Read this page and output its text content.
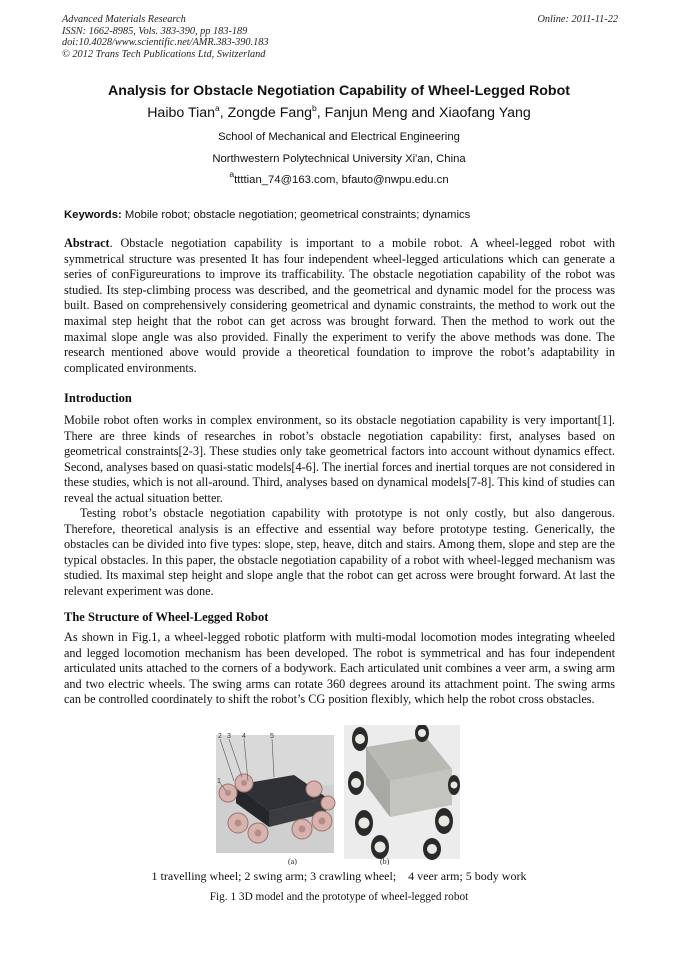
Advanced Materials Research
ISSN: 1662-8985, Vols. 383-390, pp 183-189
doi:10.4028/www.scientific.net/AMR.383-390.183
© 2012 Trans Tech Publications Ltd, Switzerland
Online: 2011-11-22
Analysis for Obstacle Negotiation Capability of Wheel-Legged Robot
Haibo Tian$^a$, Zongde Fang$^b$, Fanjun Meng and Xiaofang Yang
School of Mechanical and Electrical Engineering
Northwestern Polytechnical University Xi'an, China
$^a$ttttian_74@163.com, bfauto@nwpu.edu.cn
Keywords: Mobile robot; obstacle negotiation; geometrical constraints; dynamics

Abstract. Obstacle negotiation capability is important to a mobile robot. A wheel-legged robot with symmetrical structure was presented It has four independent wheel-legged articulations which can generate a series of conFigureurations to improve its trafficability. The obstacle negotiation capability of the robot was studied. Its step-climbing process was described, and the geometrical and dynamic model for the process was built. Based on comprehensively considering geometrical and dynamic constraints, the method to work out the maximal step height that the robot can get across was brought forward. Then the method to work out the maximal slope angle was also provided. Finally the experiment to verify the above methods was done. The research mentioned above would provide a theoretical foundation to improve the robot’s adaptability in complicated environments.

Introduction

Mobile robot often works in complex environment, so its obstacle negotiation capability is very important[1]. There are three kinds of researches in robot’s obstacle negotiation capability: first, analyses based on geometrical constraints[2-3]. These studies only take geometrical factors into account without dynamics effect. Second, analyses based on quasi-static models[4-6]. The inertial forces and inertial torques are not considered in these studies, which is not all-around. Third, analyses based on dynamical models[7-8]. This kind of studies can reveal the actual situation better.

Testing robot’s obstacle negotiation capability with prototype is not only costly, but also dangerous. Therefore, theoretical analysis is an effective and essential way before prototype testing. Generically, the obstacles can be divided into five types: slope, step, heave, ditch and stairs. Among them, slope and step are the typical obstacles. In this paper, the obstacle negotiation capability of a robot with wheel-legged mechanism was studied. Its maximal step height and slope angle that the robot can get across were brought forward. At last the relevant experiment was done.

The Structure of Wheel-Legged Robot

As shown in Fig.1, a wheel-legged robotic platform with multi-modal locomotion modes integrating wheeled and legged locomotion mechanism has been developed. The robot is symmetrical and has four independent articulated units attached to the corners of a bodywork. Each articulated unit combines a veer arm, a swing arm and two electric wheels. The swing arms can rotate 360 degrees around its attachment point. The swing arms can be controlled coordinately to shift the robot’s CG position flexibly, which help the robot cross obstacles.

2 3 4	5
1
(a)	(b)
1 travelling wheel; 2 swing arm; 3 crawling wheel;    4 veer arm; 5 body work
Fig. 1 3D model and the prototype of wheel-legged robot
